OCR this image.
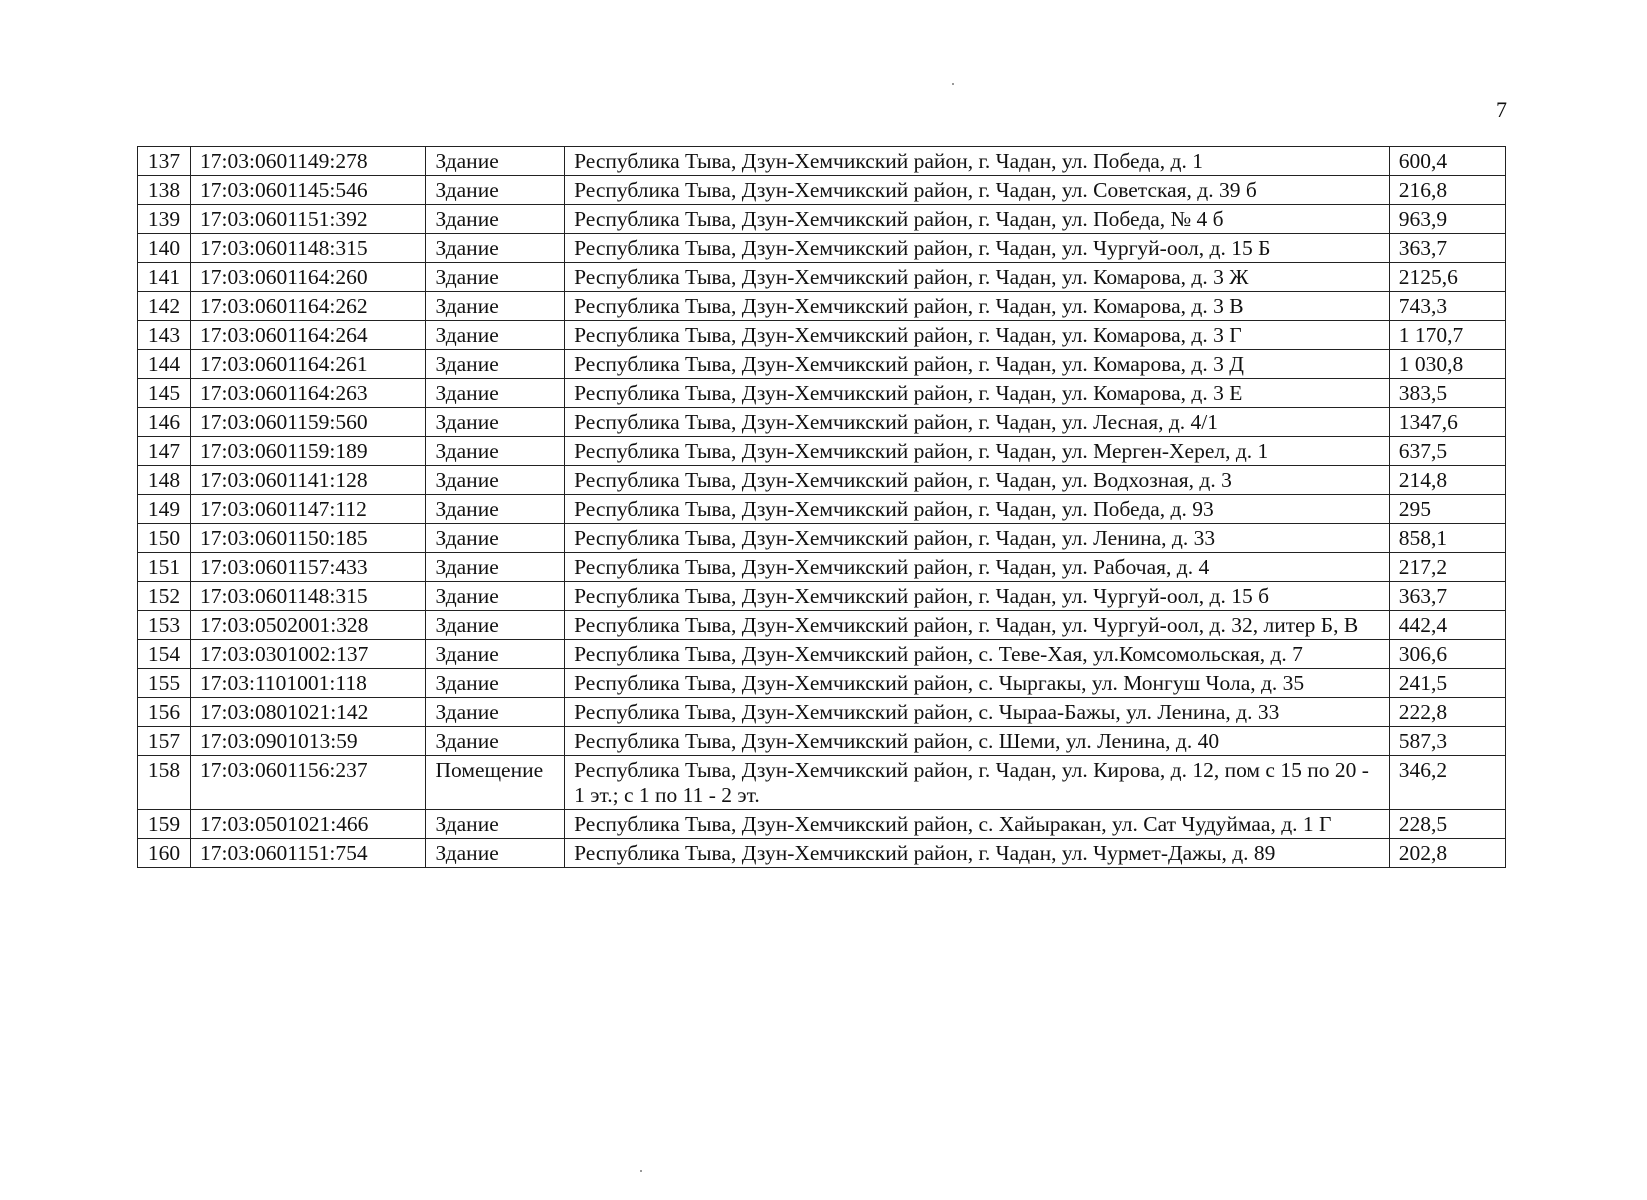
7
137	17:03:0601149:278	Здание	Республика Тыва, Дзун-Хемчикский район, г. Чадан, ул. Победа, д. 1	600,4
138	17:03:0601145:546	Здание	Республика Тыва, Дзун-Хемчикский район, г. Чадан, ул. Советская, д. 39 б	216,8
139	17:03:0601151:392	Здание	Республика Тыва, Дзун-Хемчикский район, г. Чадан, ул. Победа, № 4 б	963,9
140	17:03:0601148:315	Здание	Республика Тыва, Дзун-Хемчикский район, г. Чадан, ул. Чургуй-оол, д. 15 Б	363,7
141	17:03:0601164:260	Здание	Республика Тыва, Дзун-Хемчикский район, г. Чадан, ул. Комарова, д. 3 Ж	2125,6
142	17:03:0601164:262	Здание	Республика Тыва, Дзун-Хемчикский район, г. Чадан, ул. Комарова, д. 3 В	743,3
143	17:03:0601164:264	Здание	Республика Тыва, Дзун-Хемчикский район, г. Чадан, ул. Комарова, д. 3 Г	1 170,7
144	17:03:0601164:261	Здание	Республика Тыва, Дзун-Хемчикский район, г. Чадан, ул. Комарова, д. 3 Д	1 030,8
145	17:03:0601164:263	Здание	Республика Тыва, Дзун-Хемчикский район, г. Чадан, ул. Комарова, д. 3 Е	383,5
146	17:03:0601159:560	Здание	Республика Тыва, Дзун-Хемчикский район, г. Чадан, ул. Лесная, д. 4/1	1347,6
147	17:03:0601159:189	Здание	Республика Тыва, Дзун-Хемчикский район, г. Чадан, ул. Мерген-Херел, д. 1	637,5
148	17:03:0601141:128	Здание	Республика Тыва, Дзун-Хемчикский район, г. Чадан, ул. Водхозная, д. 3	214,8
149	17:03:0601147:112	Здание	Республика Тыва, Дзун-Хемчикский район, г. Чадан, ул. Победа, д. 93	295
150	17:03:0601150:185	Здание	Республика Тыва, Дзун-Хемчикский район, г. Чадан, ул. Ленина, д. 33	858,1
151	17:03:0601157:433	Здание	Республика Тыва, Дзун-Хемчикский район, г. Чадан, ул. Рабочая, д. 4	217,2
152	17:03:0601148:315	Здание	Республика Тыва, Дзун-Хемчикский район, г. Чадан, ул. Чургуй-оол, д. 15 б	363,7
153	17:03:0502001:328	Здание	Республика Тыва, Дзун-Хемчикский район, г. Чадан, ул. Чургуй-оол, д. 32, литер Б, В	442,4
154	17:03:0301002:137	Здание	Республика Тыва, Дзун-Хемчикский район, с. Теве-Хая, ул.Комсомольская, д. 7	306,6
155	17:03:1101001:118	Здание	Республика Тыва, Дзун-Хемчикский район, с. Чыргакы, ул. Монгуш Чола, д. 35	241,5
156	17:03:0801021:142	Здание	Республика Тыва, Дзун-Хемчикский район, с. Чыраа-Бажы, ул. Ленина, д. 33	222,8
157	17:03:0901013:59	Здание	Республика Тыва, Дзун-Хемчикский район, с. Шеми, ул. Ленина, д. 40	587,3
158	17:03:0601156:237	Помещение	Республика Тыва, Дзун-Хемчикский район, г. Чадан, ул. Кирова, д. 12, пом с 15 по 20 - 1 эт.; с 1 по 11 - 2 эт.	346,2
159	17:03:0501021:466	Здание	Республика Тыва, Дзун-Хемчикский район, с. Хайыракан, ул. Сат Чудуймаа, д. 1 Г	228,5
160	17:03:0601151:754	Здание	Республика Тыва, Дзун-Хемчикский район, г. Чадан, ул. Чурмет-Дажы, д. 89	202,8
